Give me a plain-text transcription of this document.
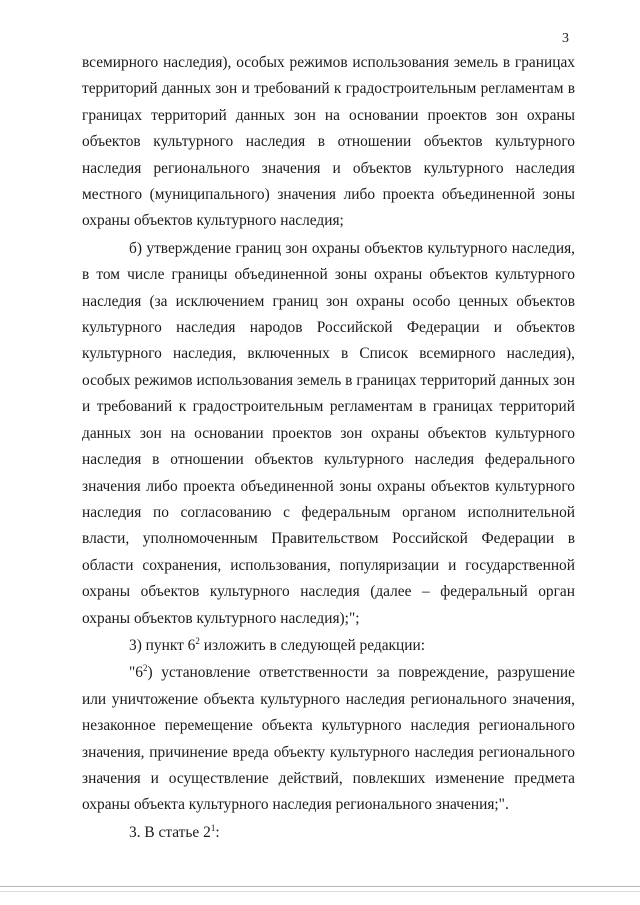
3

всемирного наследия), особых режимов использования земель в границах территорий данных зон и требований к градостроительным регламентам в границах территорий данных зон на основании проектов зон охраны объектов культурного наследия в отношении объектов культурного наследия регионального значения и объектов культурного наследия местного (муниципального) значения либо проекта объединенной зоны охраны объектов культурного наследия;

б) утверждение границ зон охраны объектов культурного наследия, в том числе границы объединенной зоны охраны объектов культурного наследия (за исключением границ зон охраны особо ценных объектов культурного наследия народов Российской Федерации и объектов культурного наследия, включенных в Список всемирного наследия), особых режимов использования земель в границах территорий данных зон и требований к градостроительным регламентам в границах территорий данных зон на основании проектов зон охраны объектов культурного наследия в отношении объектов культурного наследия федерального значения либо проекта объединенной зоны охраны объектов культурного наследия по согласованию с федеральным органом исполнительной власти, уполномоченным Правительством Российской Федерации в области сохранения, использования, популяризации и государственной охраны объектов культурного наследия (далее – федеральный орган охраны объектов культурного наследия);";

3) пункт $6^2$ изложить в следующей редакции:

"$6^2$) установление ответственности за повреждение, разрушение или уничтожение объекта культурного наследия регионального значения, незаконное перемещение объекта культурного наследия регионального значения, причинение вреда объекту культурного наследия регионального значения и осуществление действий, повлекших изменение предмета охраны объекта культурного наследия регионального значения;".

3. В статье $2^1$:
